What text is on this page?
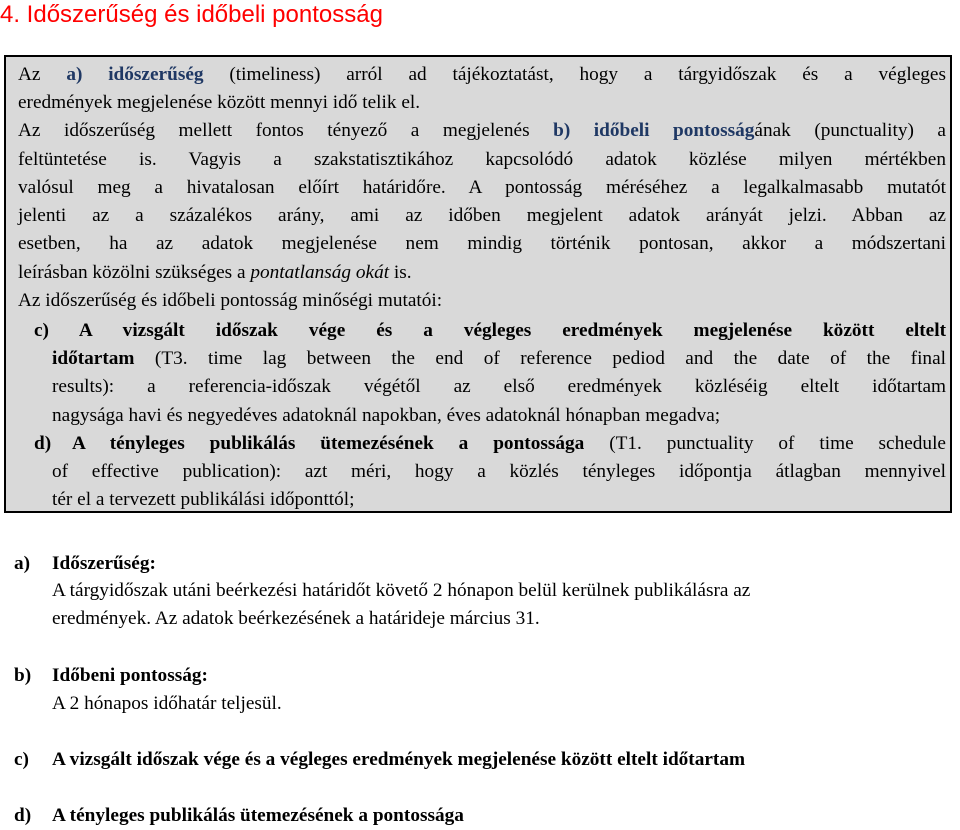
4. Időszerűség és időbeli pontosság
Az a) időszerűség (timeliness) arról ad tájékoztatást, hogy a tárgyidőszak és a végleges
eredmények megjelenése között mennyi idő telik el.
Az időszerűség mellett fontos tényező a megjelenés b) időbeli pontosságának (punctuality) a
feltüntetése is. Vagyis a szakstatisztikához kapcsolódó adatok közlése milyen mértékben
valósul meg a hivatalosan előírt határidőre. A pontosság méréséhez a legalkalmasabb mutatót
jelenti az a százalékos arány, ami az időben megjelent adatok arányát jelzi. Abban az
esetben, ha az adatok megjelenése nem mindig történik pontosan, akkor a módszertani
leírásban közölni szükséges a pontatlanság okát is.
Az időszerűség és időbeli pontosság minőségi mutatói:
c) A vizsgált időszak vége és a végleges eredmények megjelenése között eltelt
időtartam (T3. time lag between the end of reference pediod and the date of the final
results): a referencia-időszak végétől az első eredmények közléséig eltelt időtartam
nagysága havi és negyedéves adatoknál napokban, éves adatoknál hónapban megadva;
d) A tényleges publikálás ütemezésének a pontossága (T1. punctuality of time schedule
of effective publication): azt méri, hogy a közlés tényleges időpontja átlagban mennyivel
tér el a tervezett publikálási időponttól;
a) Időszerűség:
A tárgyidőszak utáni beérkezési határidőt követő 2 hónapon belül kerülnek publikálásra az
eredmények. Az adatok beérkezésének a határideje március 31.
b) Időbeni pontosság:
A 2 hónapos időhatár teljesül.
c) A vizsgált időszak vége és a végleges eredmények megjelenése között eltelt időtartam
d) A tényleges publikálás ütemezésének a pontossága
